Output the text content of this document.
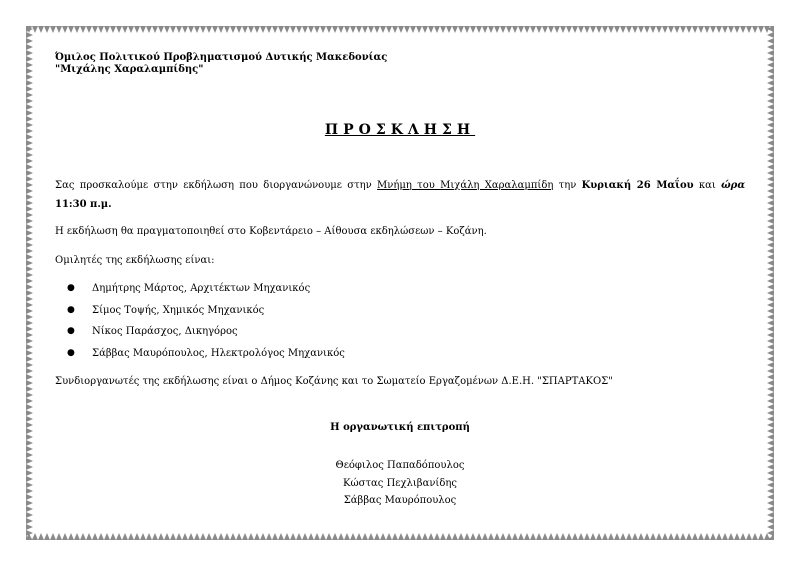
Όμιλος Πολιτικού Προβληματισμού Δυτικής Μακεδονίας

"Μιχάλης Χαραλαμπίδης"

ΠΡΟΣΚΛΗΣΗ

Σας προσκαλούμε στην εκδήλωση που διοργανώνουμε στην Μνήμη του Μιχάλη Χαραλαμπίδη την Κυριακή 26 Μαΐου και ώρα 11:30 π.μ.

Η εκδήλωση θα πραγματοποιηθεί στο Κοβεντάρειο – Αίθουσα εκδηλώσεων – Κοζάνη.

Ομιλητές της εκδήλωσης είναι:

● Δημήτρης Μάρτος, Αρχιτέκτων Μηχανικός
● Σίμος Τοψής, Χημικός Μηχανικός
● Νίκος Παράσχος, Δικηγόρος
● Σάββας Μαυρόπουλος, Ηλεκτρολόγος Μηχανικός

Συνδιοργανωτές της εκδήλωσης είναι ο Δήμος Κοζάνης και το Σωματείο Εργαζομένων Δ.Ε.Η. "ΣΠΑΡΤΑΚΟΣ"

Η οργανωτική επιτροπή

Θεόφιλος Παπαδόπουλος
Κώστας Πεχλιβανίδης
Σάββας Μαυρόπουλος
